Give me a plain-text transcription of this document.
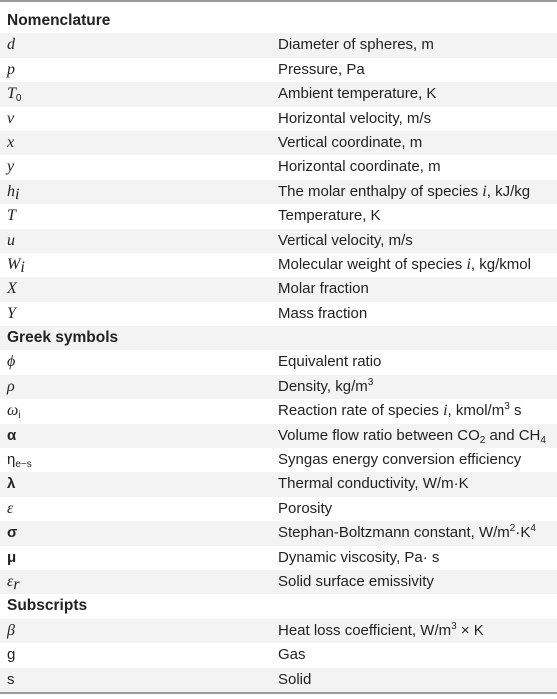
Nomenclature
d	Diameter of spheres, m
p	Pressure, Pa
$T_0$	Ambient temperature, K
v	Horizontal velocity, m/s
x	Vertical coordinate, m
y	Horizontal coordinate, m
$h_i$	The molar enthalpy of species i, kJ/kg
T	Temperature, K
u	Vertical velocity, m/s
$W_i$	Molecular weight of species i, kg/kmol
X	Molar fraction
Y	Mass fraction
Greek symbols
ϕ	Equivalent ratio
ρ	Density, $kg/m^3$
$\omega_i$	Reaction rate of species i, kmol/$m^3$ s
α	Volume flow ratio between $CO_2$ and $CH_4$
$\eta_{e-s}$	Syngas energy conversion efficiency
λ	Thermal conductivity, W/m·K
ε	Porosity
σ	Stephan-Boltzmann constant, $W/m^2\cdot K^4$
μ	Dynamic viscosity, Pa· s
$\varepsilon_r$	Solid surface emissivity
Subscripts
β	Heat loss coefficient, $W/m^3 \times K$
g	Gas
s	Solid
